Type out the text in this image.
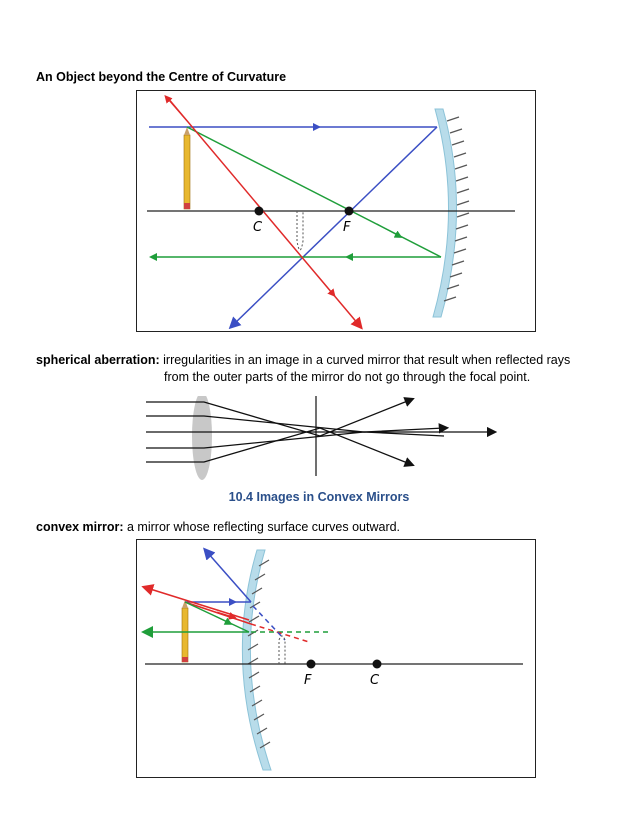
An Object beyond the Centre of Curvature
C	F
spherical aberration: irregularities in an image in a curved mirror that result when reflected rays
from the outer parts of the mirror do not go through the focal point.
10.4 Images in Convex Mirrors
convex mirror: a mirror whose reflecting surface curves outward.
F	C
